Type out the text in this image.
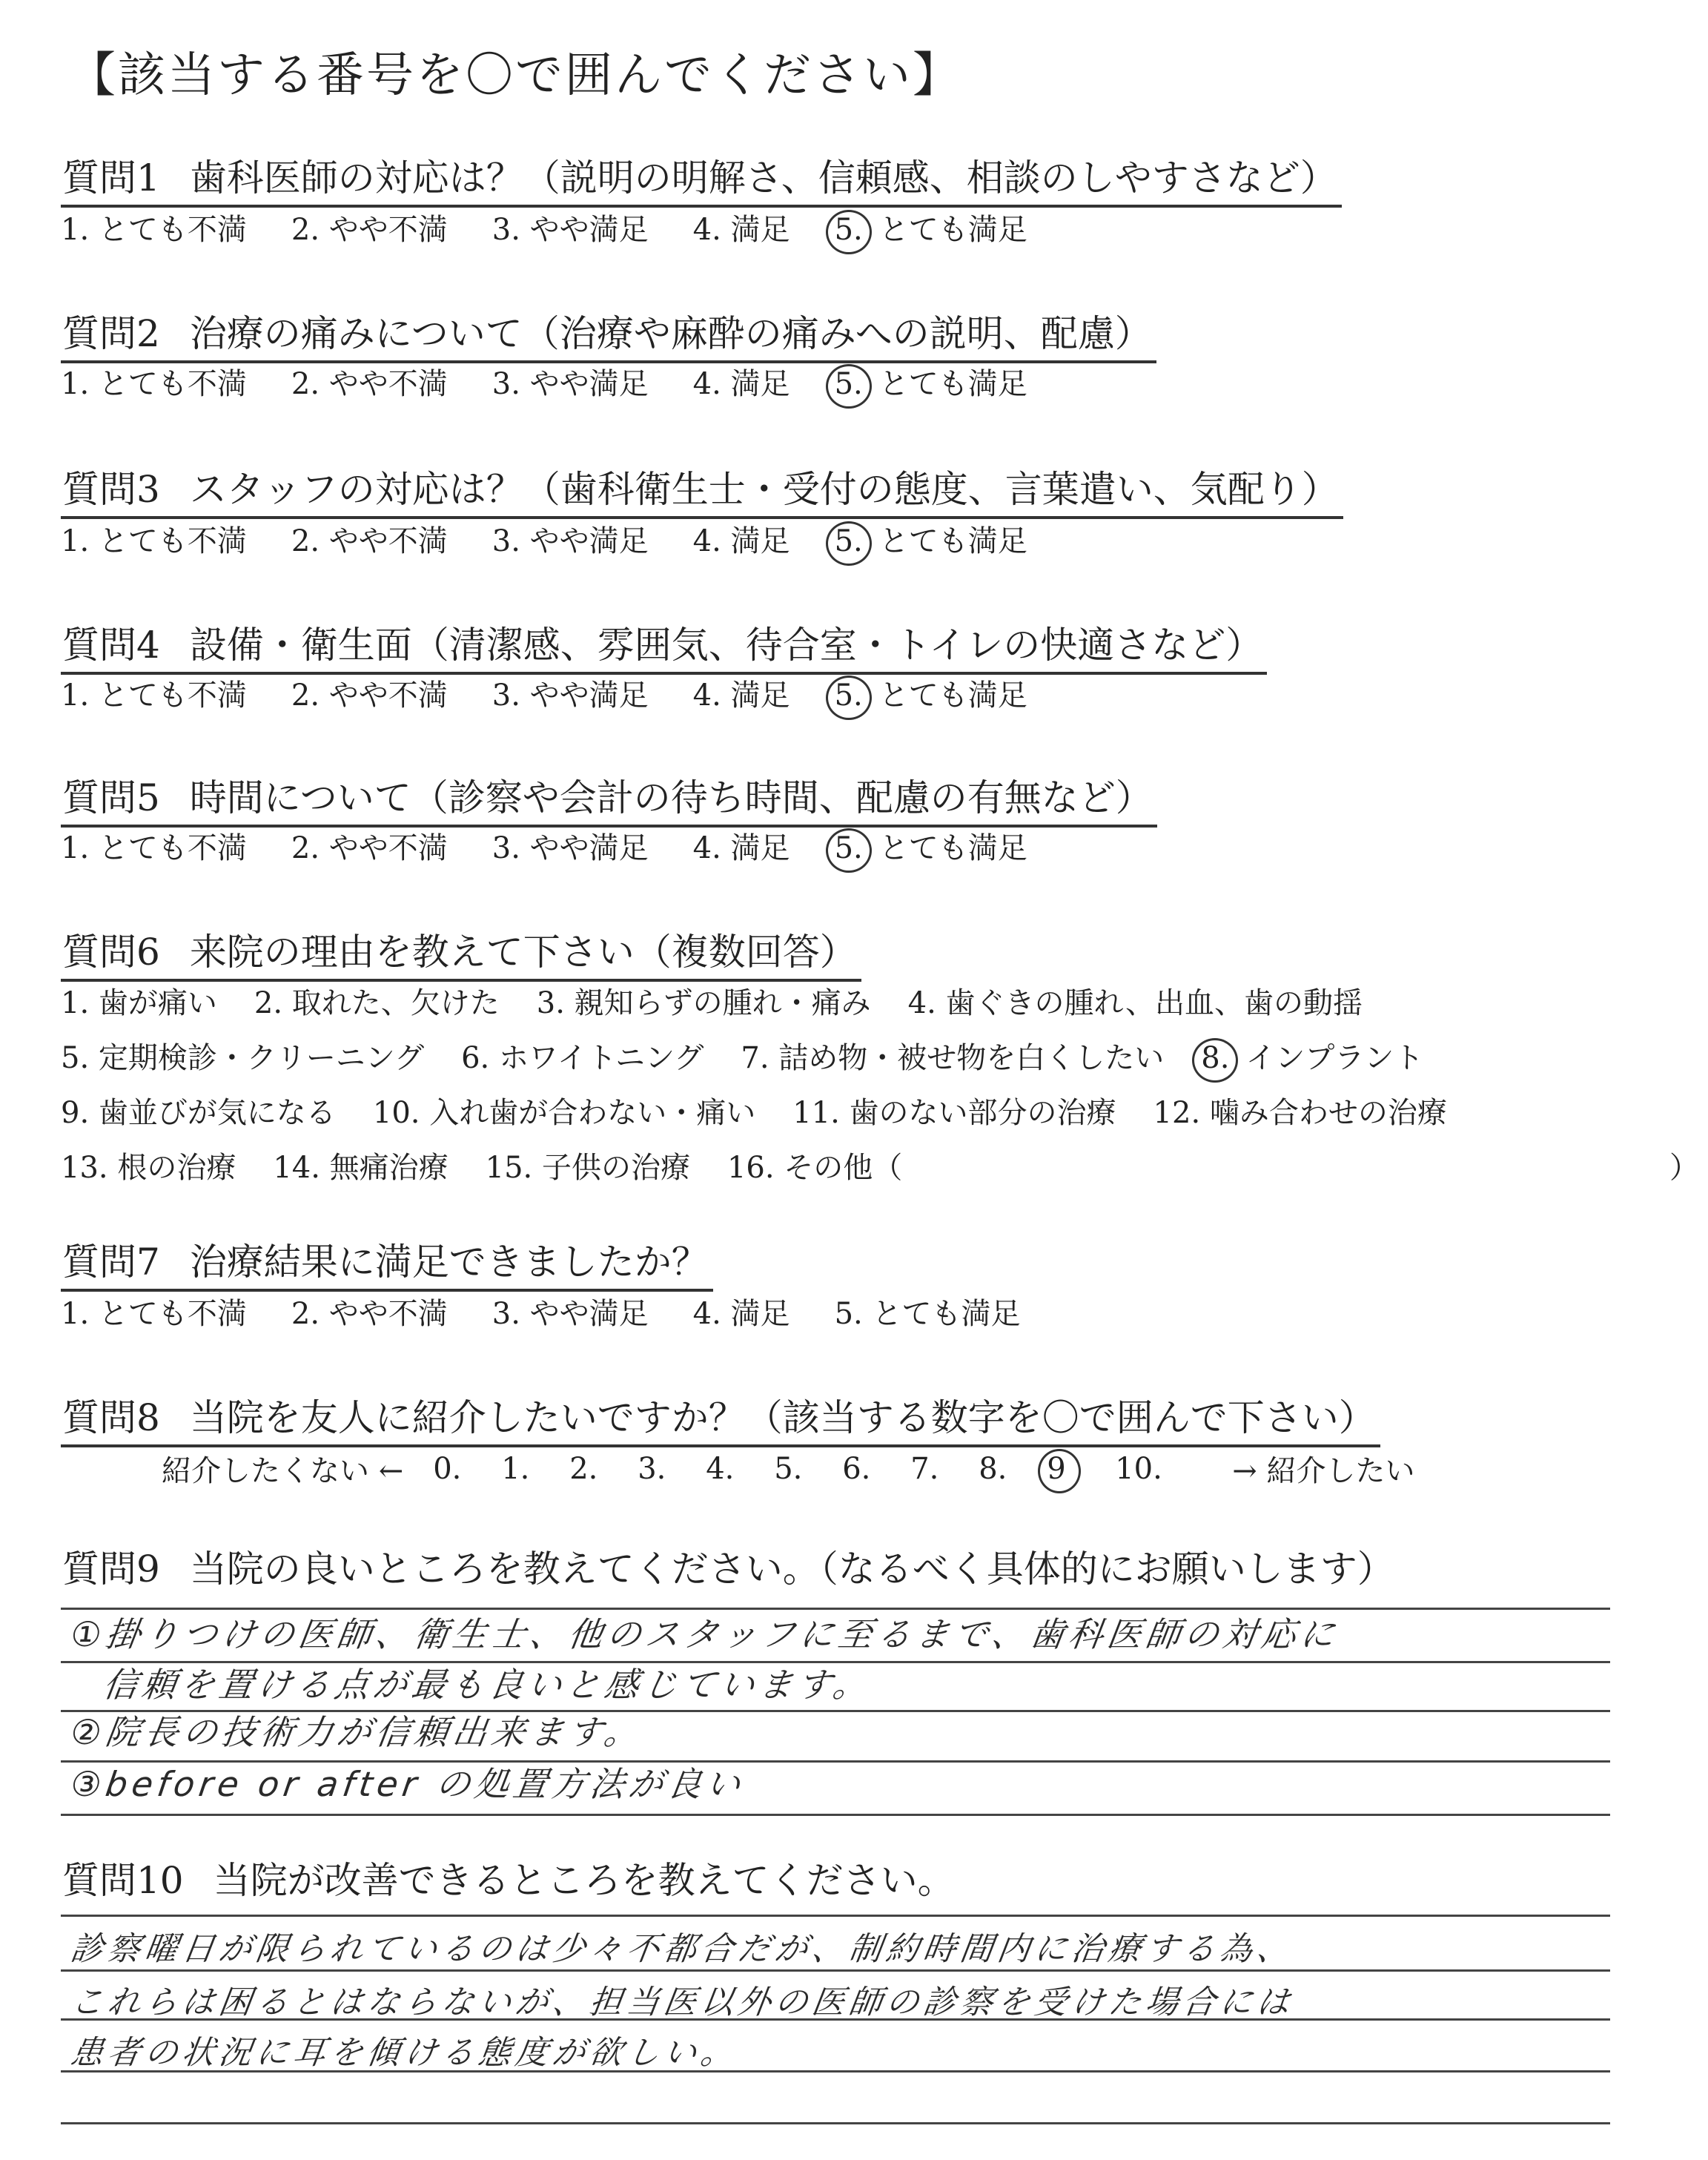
【該当する番号を〇で囲んでください】
質問1 歯科医師の対応は？（説明の明解さ、信頼感、相談のしやすさなど）
1. とても不満 2. やや不満 3. やや満足 4. 満足 5. とても満足
質問2 治療の痛みについて（治療や麻酔の痛みへの説明、配慮）
1. とても不満 2. やや不満 3. やや満足 4. 満足 5. とても満足
質問3 スタッフの対応は？（歯科衛生士・受付の態度、言葉遣い、気配り）
1. とても不満 2. やや不満 3. やや満足 4. 満足 5. とても満足
質問4 設備・衛生面（清潔感、雰囲気、待合室・トイレの快適さなど）
1. とても不満 2. やや不満 3. やや満足 4. 満足 5. とても満足
質問5 時間について（診察や会計の待ち時間、配慮の有無など）
1. とても不満 2. やや不満 3. やや満足 4. 満足 5. とても満足
質問6 来院の理由を教えて下さい（複数回答）
1. 歯が痛い 2. 取れた、欠けた 3. 親知らずの腫れ・痛み 4. 歯ぐきの腫れ、出血、歯の動揺
5. 定期検診・クリーニング 6. ホワイトニング 7. 詰め物・被せ物を白くしたい 8. インプラント
9. 歯並びが気になる 10. 入れ歯が合わない・痛い 11. 歯のない部分の治療 12. 噛み合わせの治療
13. 根の治療 14. 無痛治療 15. 子供の治療 16. その他（	）
質問7 治療結果に満足できましたか？
1. とても不満 2. やや不満 3. やや満足 4. 満足 5. とても満足
質問8 当院を友人に紹介したいですか？（該当する数字を〇で囲んで下さい）
紹介したくない ← 0.	1.	2.	3.	4.	5.	6.	7.	8.	9	10.	→ 紹介したい
質問9 当院の良いところを教えてください。（なるべく具体的にお願いします）
①掛りつけの医師、衛生士、他のスタッフに至るまで、歯科医師の対応に
信頼を置ける点が最も良いと感じています。
②院長の技術力が信頼出来ます。
③before or after の処置方法が良い
質問10 当院が改善できるところを教えてください。
診察曜日が限られているのは少々不都合だが、制約時間内に治療する為、
これらは困るとはならないが、担当医以外の医師の診察を受けた場合には
患者の状況に耳を傾ける態度が欲しい。
